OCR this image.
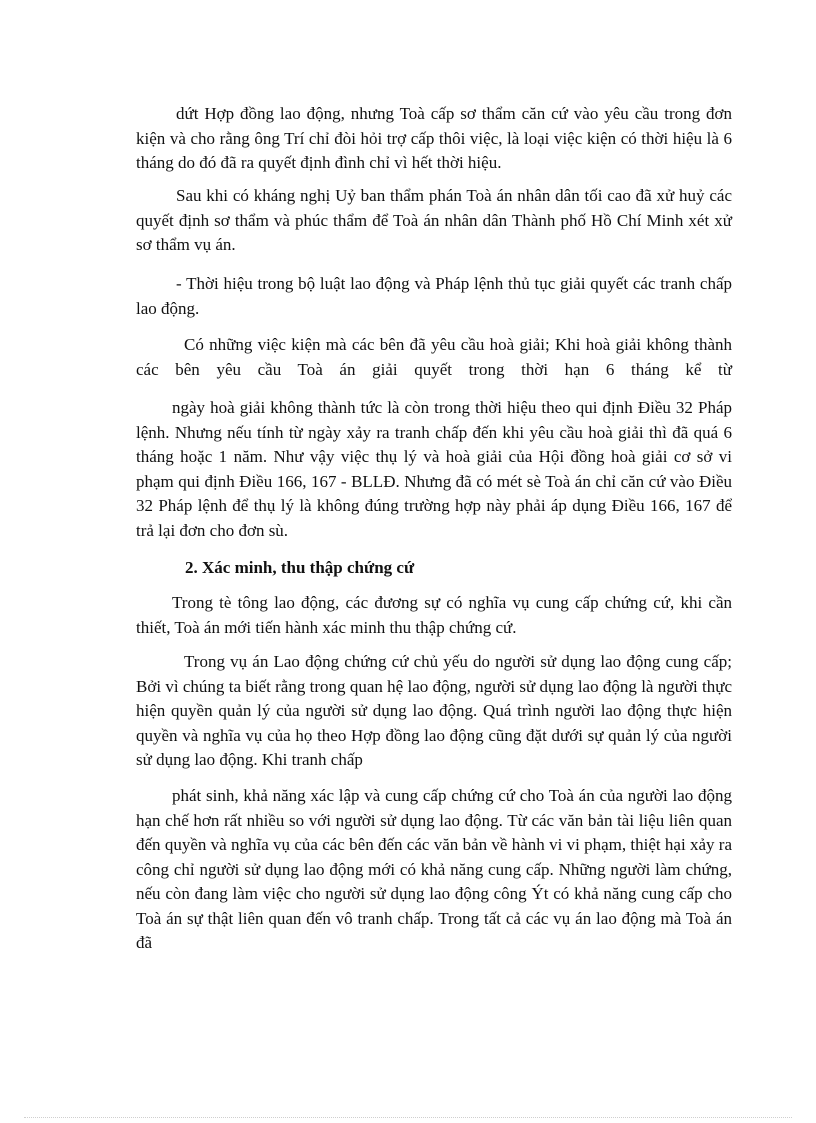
dứt Hợp đồng lao động, nhưng Toà cấp sơ thẩm căn cứ vào yêu cầu trong đơn kiện và cho rằng ông Trí chỉ đòi hỏi trợ cấp thôi việc, là loại việc kiện có thời hiệu là 6 tháng do đó đã ra quyết định đình chỉ vì hết thời hiệu.

Sau khi có kháng nghị Uỷ ban thẩm phán Toà án nhân dân tối cao đã xử huỷ các quyết định sơ thẩm và phúc thẩm để Toà án nhân dân Thành phố Hồ Chí Minh xét xử sơ thẩm vụ án.

- Thời hiệu trong bộ luật lao động và Pháp lệnh thủ tục giải quyết các tranh chấp lao động.

Có những việc kiện mà các bên đã yêu cầu hoà giải; Khi hoà giải không thành các bên yêu cầu Toà án giải quyết trong thời hạn 6 tháng kể từ

ngày hoà giải không thành tức là còn trong thời hiệu theo qui định Điều 32 Pháp lệnh. Nhưng nếu tính từ ngày xảy ra tranh chấp đến khi yêu cầu hoà giải thì đã quá 6 tháng hoặc 1 năm. Như vậy việc thụ lý và hoà giải của Hội đồng hoà giải cơ sở vi phạm qui định Điều 166, 167 - BLLĐ. Nhưng đã có mét sè Toà án chỉ căn cứ vào Điều 32 Pháp lệnh để thụ lý là không đúng trường hợp này phải áp dụng Điều 166, 167 để trả lại đơn cho đơn sù.

2. Xác minh, thu thập chứng cứ

Trong tè tông lao động, các đương sự có nghĩa vụ cung cấp chứng cứ, khi cần thiết, Toà án mới tiến hành xác minh thu thập chứng cứ.

Trong vụ án Lao động chứng cứ chủ yếu do người sử dụng lao động cung cấp; Bởi vì chúng ta biết rằng trong quan hệ lao động, người sử dụng lao động là người thực hiện quyền quản lý của người sử dụng lao động. Quá trình người lao động thực hiện quyền và nghĩa vụ của họ theo Hợp đồng lao động cũng đặt dưới sự quản lý của người sử dụng lao động. Khi tranh chấp

phát sinh, khả năng xác lập và cung cấp chứng cứ cho Toà án của người lao động hạn chế hơn rất nhiều so với người sử dụng lao động. Từ các văn bản tài liệu liên quan đến quyền và nghĩa vụ của các bên đến các văn bản về hành vi vi phạm, thiệt hại xảy ra công chỉ người sử dụng lao động mới có khả năng cung cấp. Những người làm chứng, nếu còn đang làm việc cho người sử dụng lao động công Ýt có khả năng cung cấp cho Toà án sự thật liên quan đến vô tranh chấp. Trong tất cả các vụ án lao động mà Toà án đã
